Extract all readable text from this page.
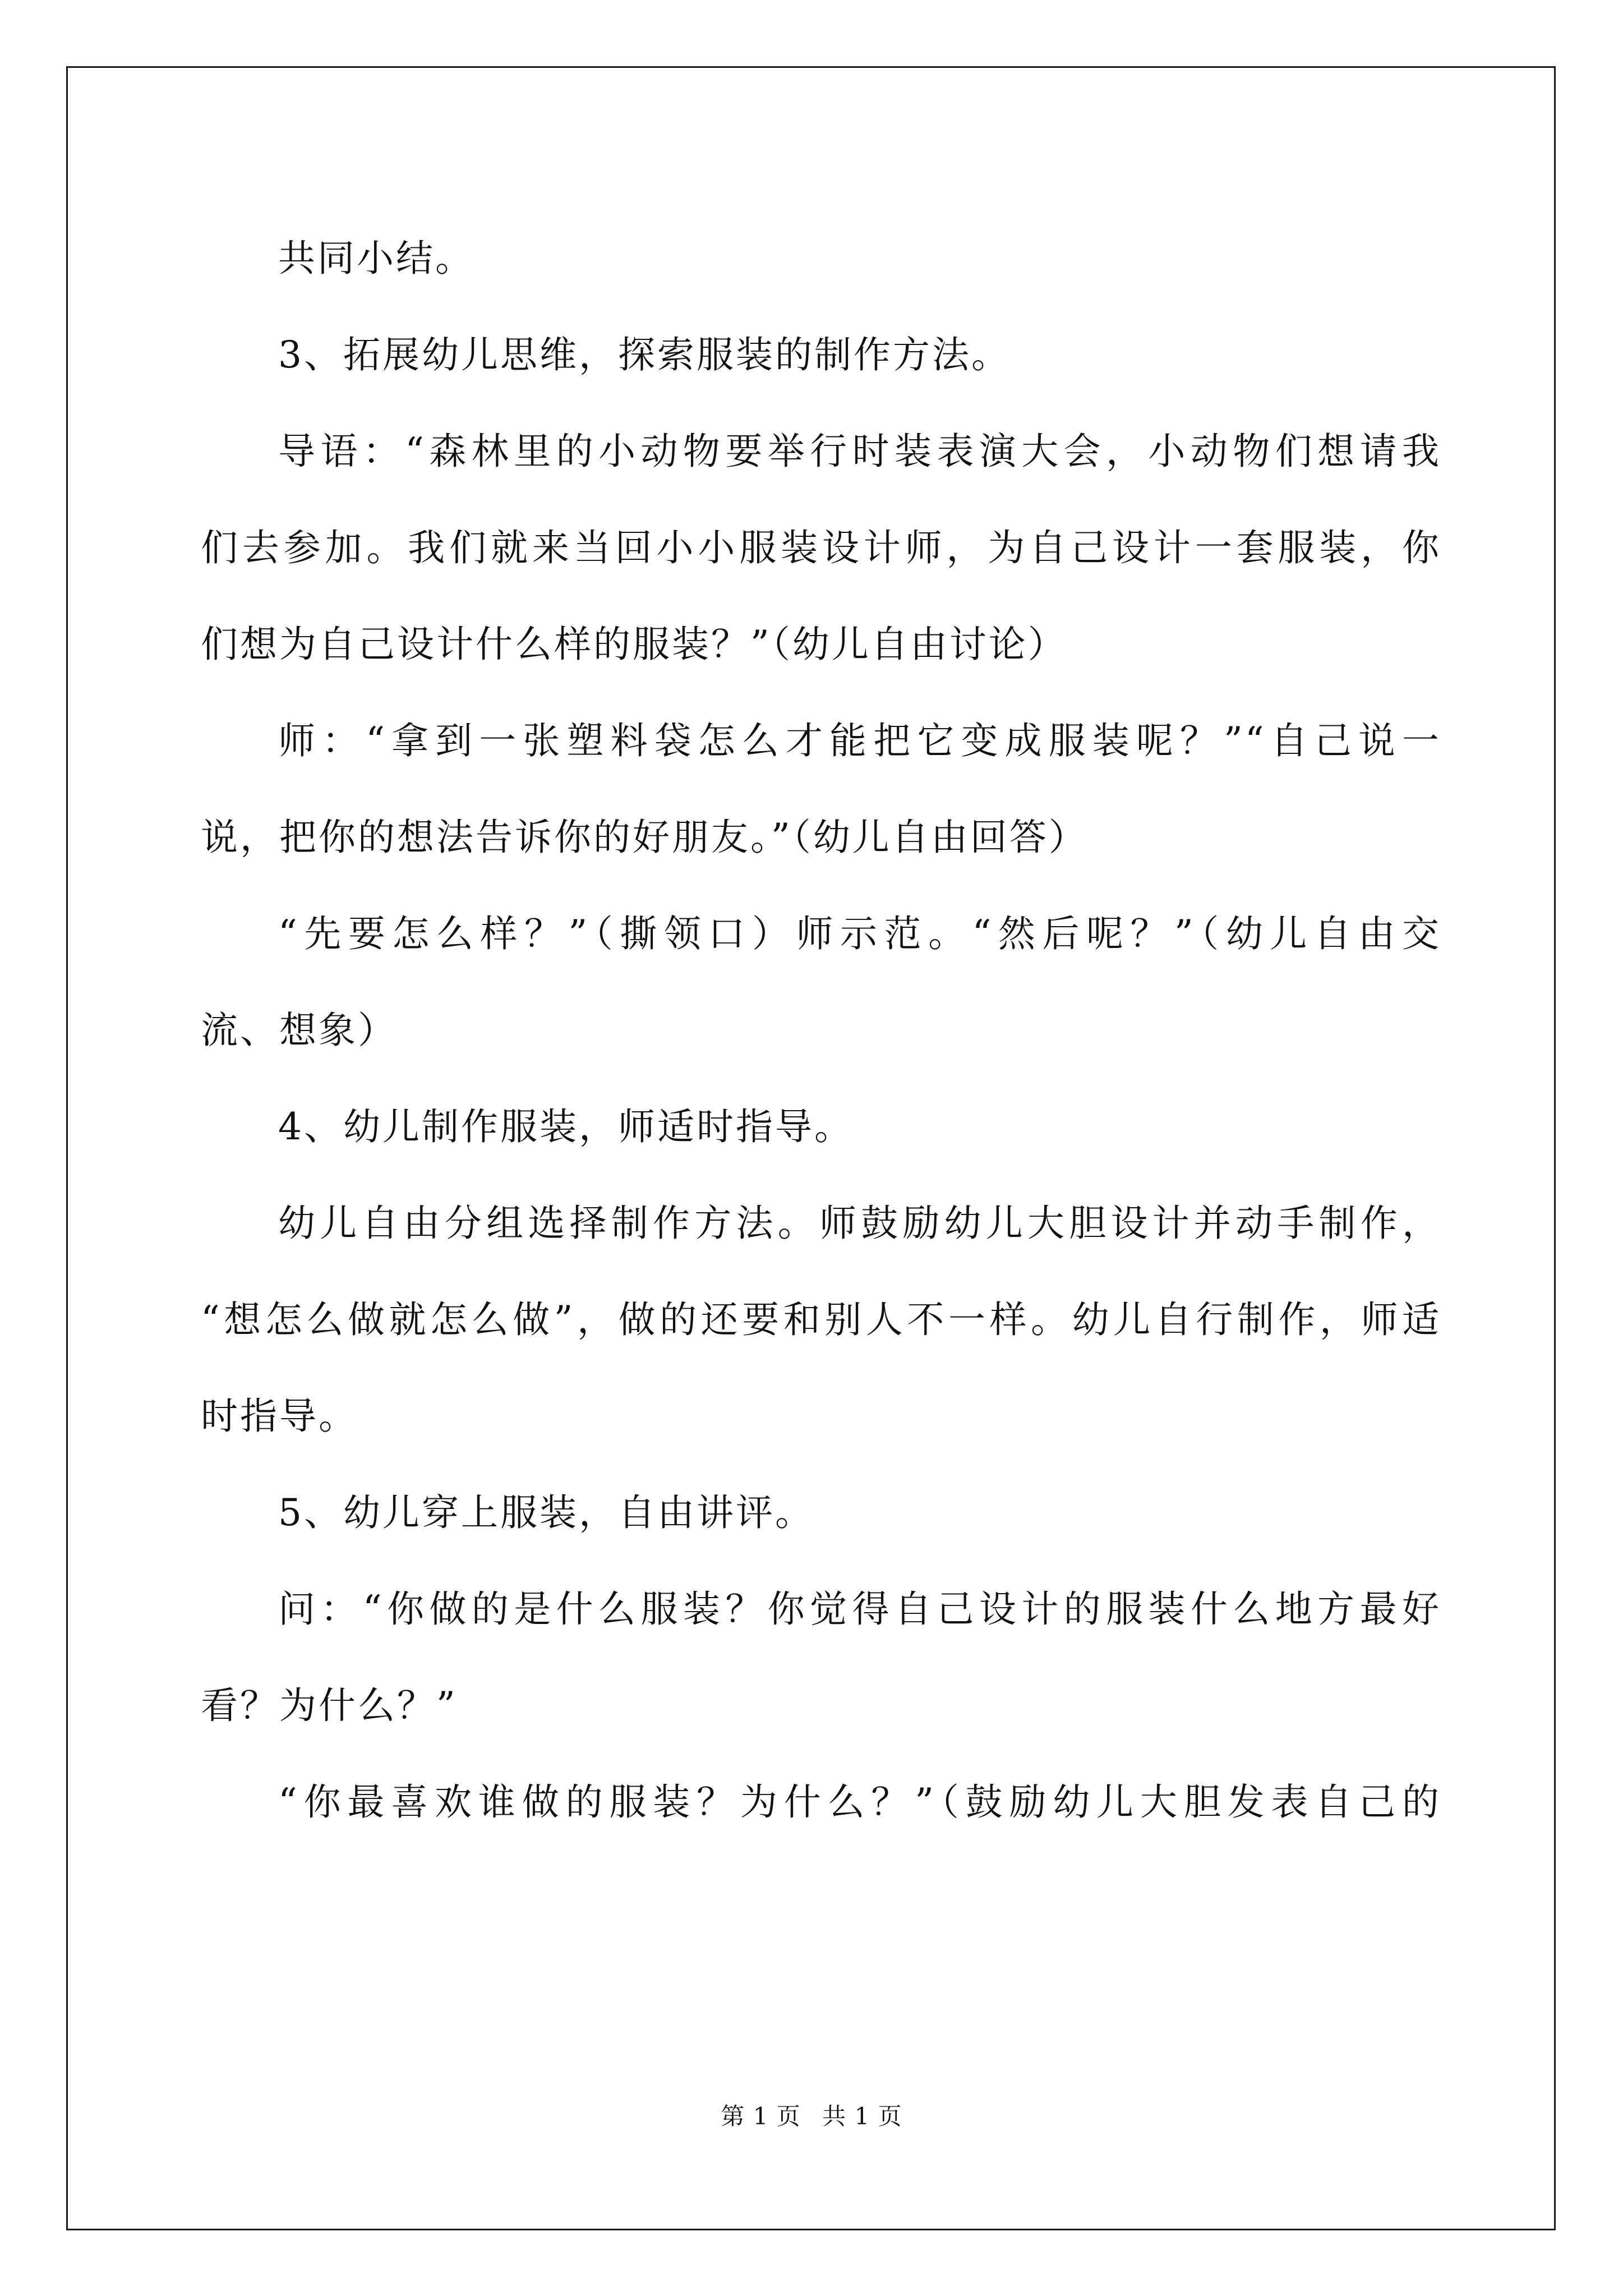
共同小结。
3、拓展幼儿思维，探索服装的制作方法。
导语：“森林里的小动物要举行时装表演大会，小动物们想请我
们去参加。我们就来当回小小服装设计师，为自己设计一套服装，你
们想为自己设计什么样的服装？”（幼儿自由讨论）
师：“拿到一张塑料袋怎么才能把它变成服装呢？”“自己说一
说，把你的想法告诉你的好朋友。”（幼儿自由回答）
“先要怎么样？”（撕领口）师示范。“然后呢？”（幼儿自由交
流、想象）
4、幼儿制作服装，师适时指导。
幼儿自由分组选择制作方法。师鼓励幼儿大胆设计并动手制作，
“想怎么做就怎么做”，做的还要和别人不一样。幼儿自行制作，师适
时指导。
5、幼儿穿上服装，自由讲评。
问：“你做的是什么服装？你觉得自己设计的服装什么地方最好
看？为什么？”
“你最喜欢谁做的服装？为什么？”（鼓励幼儿大胆发表自己的
第 1 页 共 1 页
